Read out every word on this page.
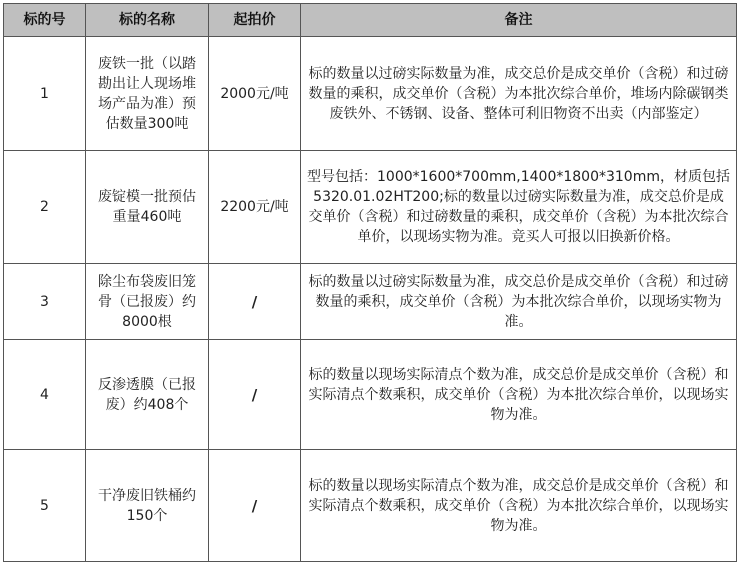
标的号	标的名称	起拍价	备注
1	废铁一批（以踏勘出让人现场堆场产品为准）预估数量300吨	2000元/吨	标的数量以过磅实际数量为准，成交总价是成交单价（含税）和过磅数量的乘积，成交单价（含税）为本批次综合单价，堆场内除碳钢类废铁外、不锈钢、设备、整体可利旧物资不出卖（内部鉴定）
2	废锭模一批预估重量460吨	2200元/吨	型号包括：1000*1600*700mm,1400*1800*310mm，材质包括5320.01.02HT200;标的数量以过磅实际数量为准，成交总价是成交单价（含税）和过磅数量的乘积，成交单价（含税）为本批次综合单价，以现场实物为准。竞买人可报以旧换新价格。
3	除尘布袋废旧笼骨（已报废）约8000根	/	标的数量以过磅实际数量为准，成交总价是成交单价（含税）和过磅数量的乘积，成交单价（含税）为本批次综合单价，以现场实物为准。
4	反渗透膜（已报废）约408个	/	标的数量以现场实际清点个数为准，成交总价是成交单价（含税）和实际清点个数乘积，成交单价（含税）为本批次综合单价，以现场实物为准。
5	干净废旧铁桶约150个	/	标的数量以现场实际清点个数为准，成交总价是成交单价（含税）和实际清点个数乘积，成交单价（含税）为本批次综合单价，以现场实物为准。
